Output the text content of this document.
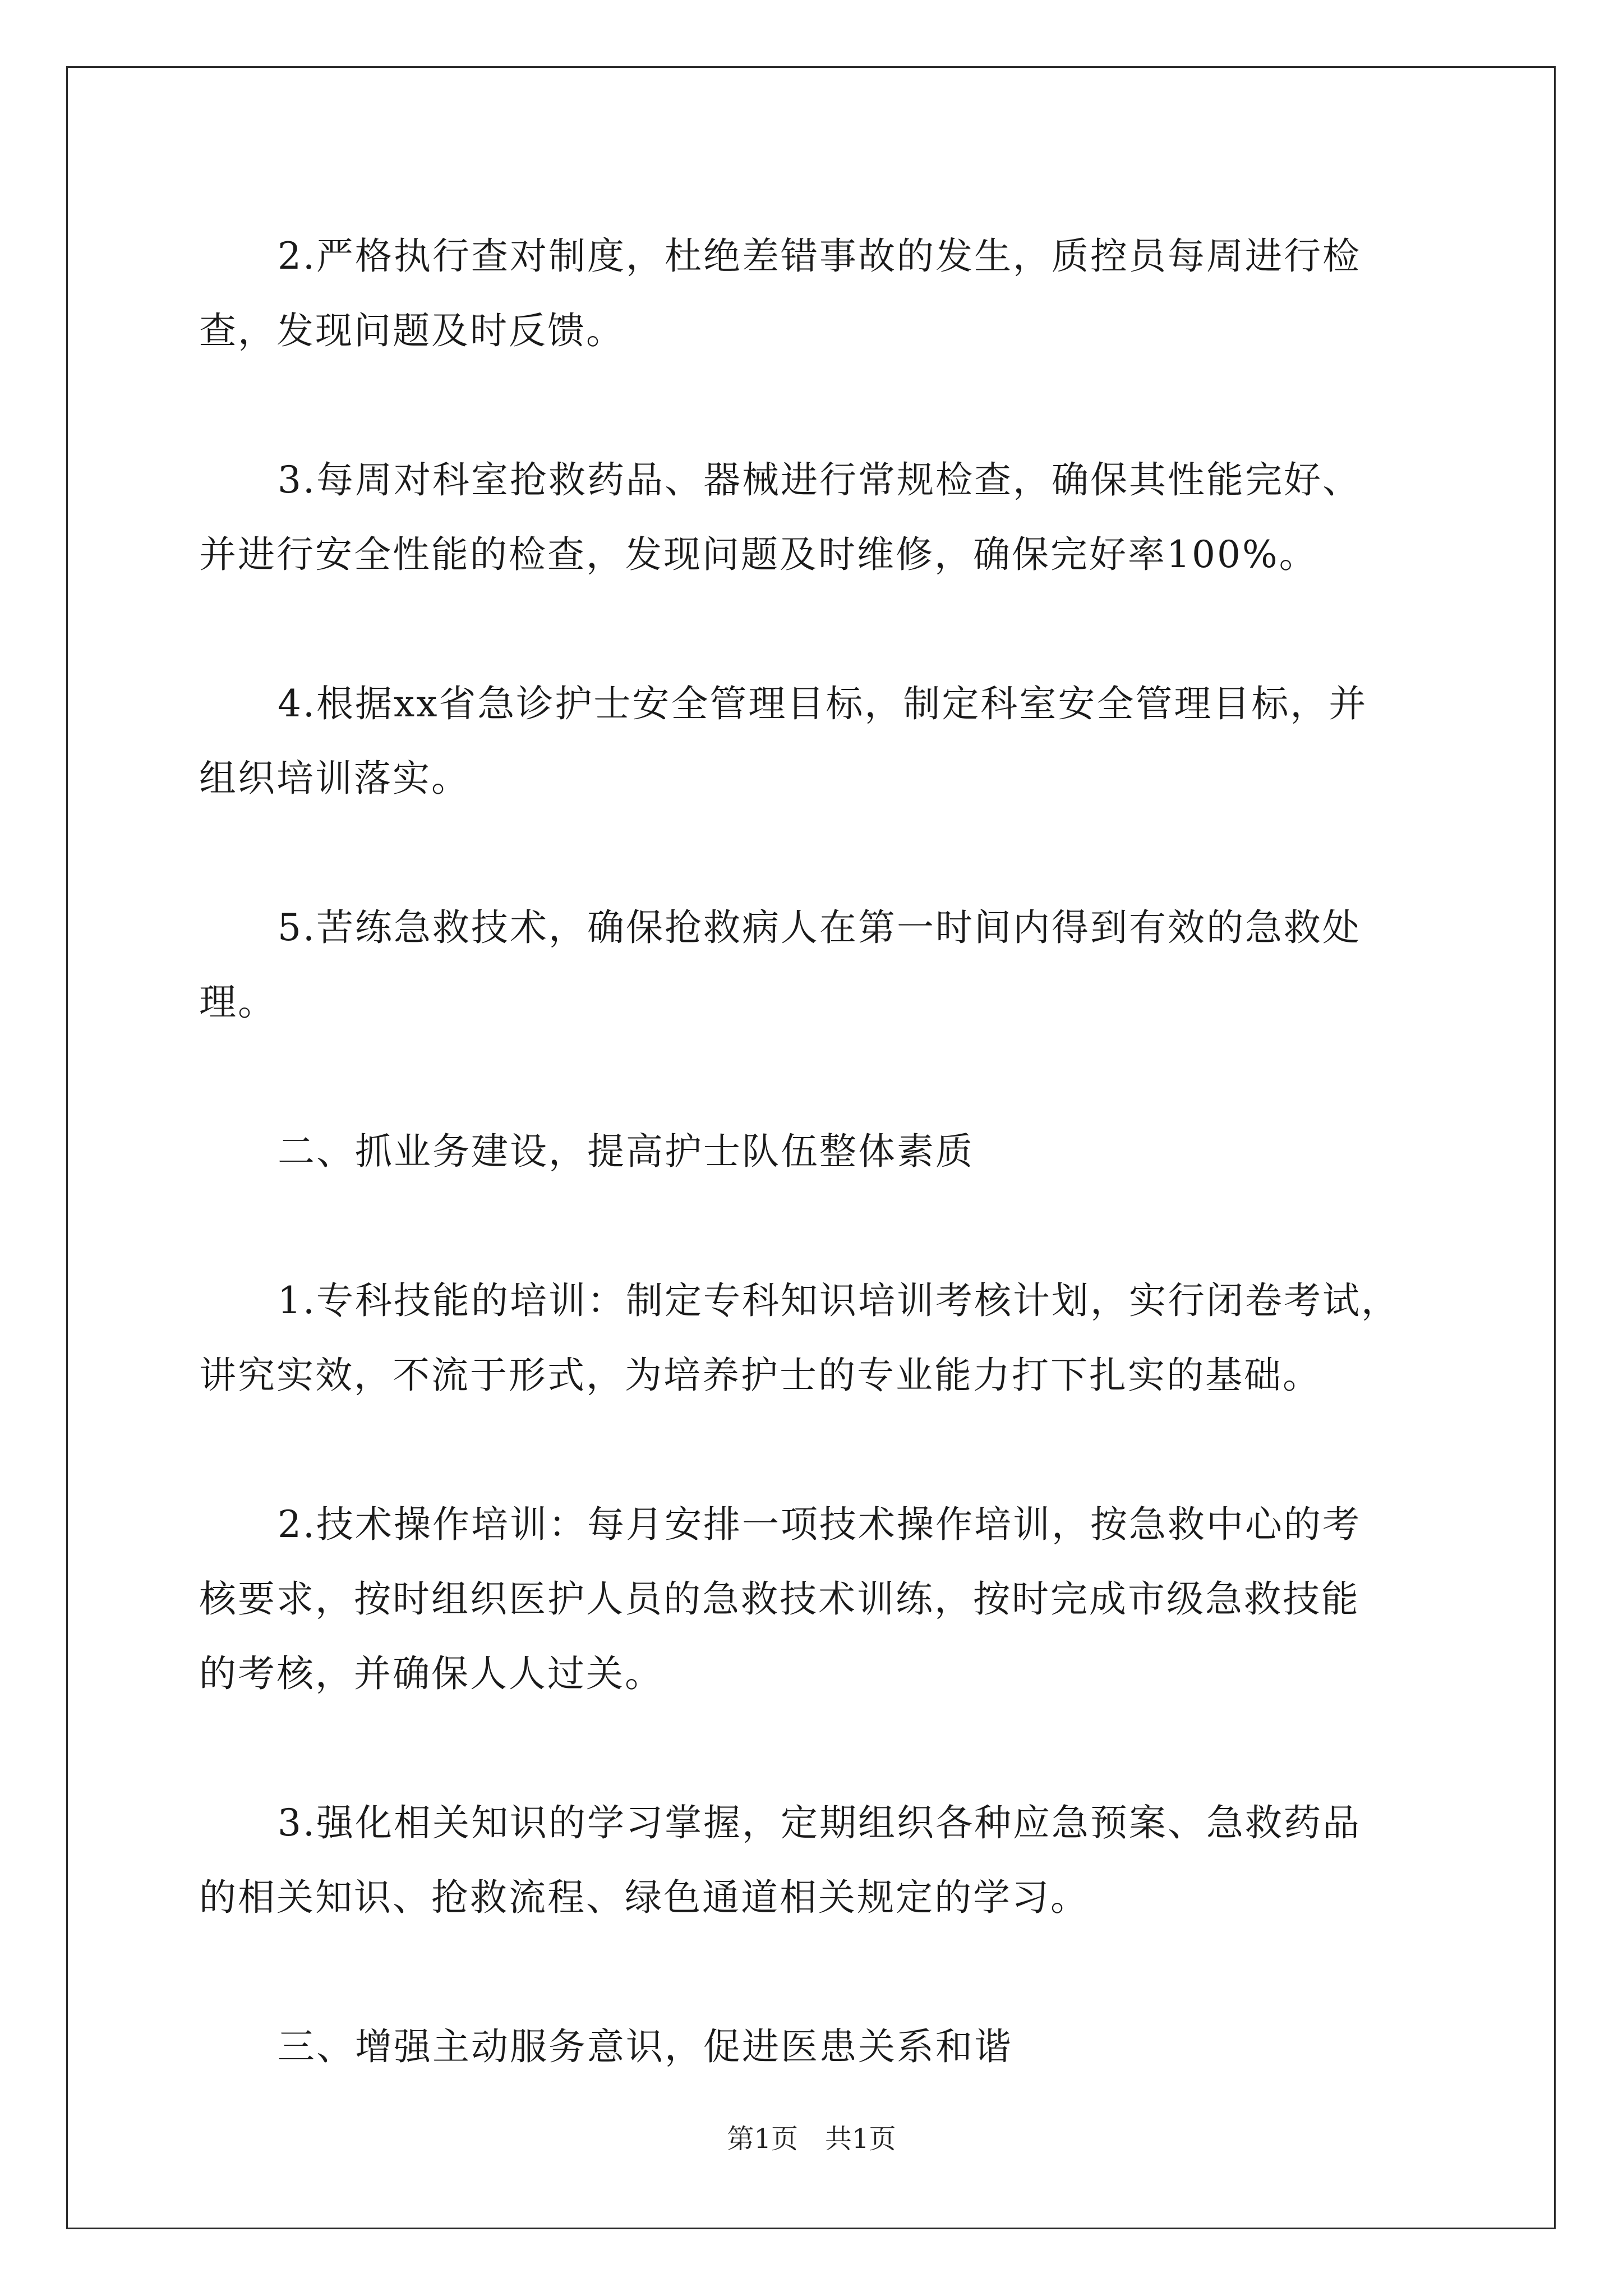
2.严格执行查对制度，杜绝差错事故的发生，质控员每周进行检

查，发现问题及时反馈。

3.每周对科室抢救药品、器械进行常规检查，确保其性能完好、

并进行安全性能的检查，发现问题及时维修，确保完好率100%。

4.根据xx省急诊护士安全管理目标，制定科室安全管理目标，并

组织培训落实。

5.苦练急救技术，确保抢救病人在第一时间内得到有效的急救处

理。

二、抓业务建设，提高护士队伍整体素质

1.专科技能的培训：制定专科知识培训考核计划，实行闭卷考试，

讲究实效，不流于形式，为培养护士的专业能力打下扎实的基础。

2.技术操作培训：每月安排一项技术操作培训，按急救中心的考

核要求，按时组织医护人员的急救技术训练，按时完成市级急救技能

的考核，并确保人人过关。

3.强化相关知识的学习掌握，定期组织各种应急预案、急救药品

的相关知识、抢救流程、绿色通道相关规定的学习。

三、增强主动服务意识，促进医患关系和谐

第1页　共1页
